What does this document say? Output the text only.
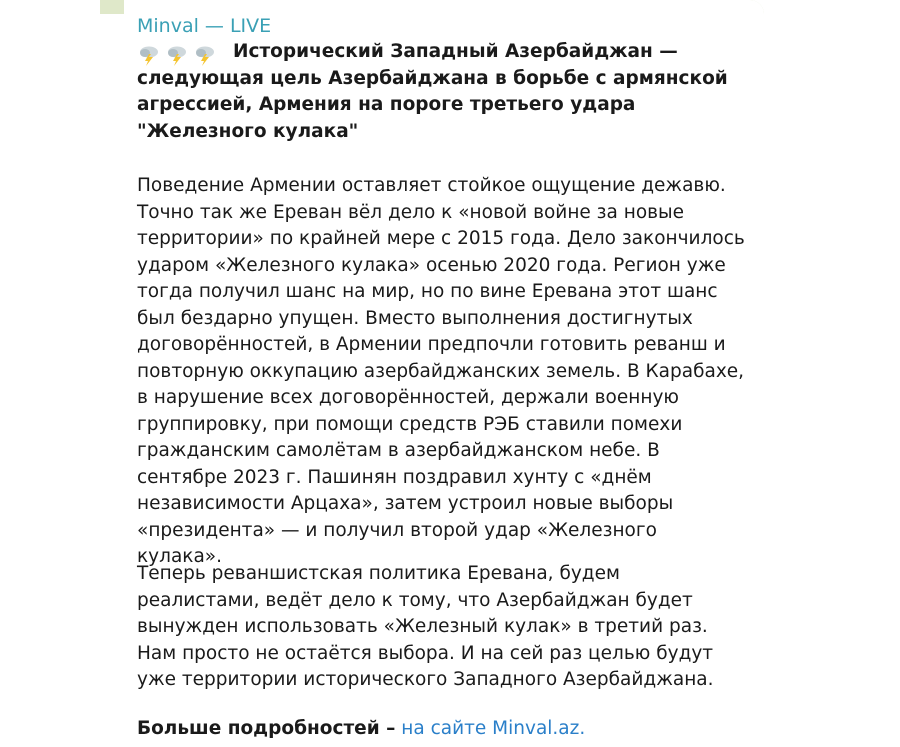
Minval — LIVE

Исторический Западный Азербайджан — следующая цель Азербайджана в борьбе с армянской агрессией, Армения на пороге третьего удара "Железного кулака"

Поведение Армении оставляет стойкое ощущение дежавю. Точно так же Ереван вёл дело к «новой войне за новые территории» по крайней мере с 2015 года. Дело закончилось ударом «Железного кулака» осенью 2020 года. Регион уже тогда получил шанс на мир, но по вине Еревана этот шанс был бездарно упущен. Вместо выполнения достигнутых договорённостей, в Армении предпочли готовить реванш и повторную оккупацию азербайджанских земель. В Карабахе, в нарушение всех договорённостей, держали военную группировку, при помощи средств РЭБ ставили помехи гражданским самолётам в азербайджанском небе. В сентябре 2023 г. Пашинян поздравил хунту с «днём независимости Арцаха», затем устроил новые выборы «президента» — и получил второй удар «Железного кулака».

Теперь реваншистская политика Еревана, будем реалистами, ведёт дело к тому, что Азербайджан будет вынужден использовать «Железный кулак» в третий раз. Нам просто не остаётся выбора. И на сей раз целью будут уже территории исторического Западного Азербайджана.

Больше подробностей – на сайте Minval.az.
